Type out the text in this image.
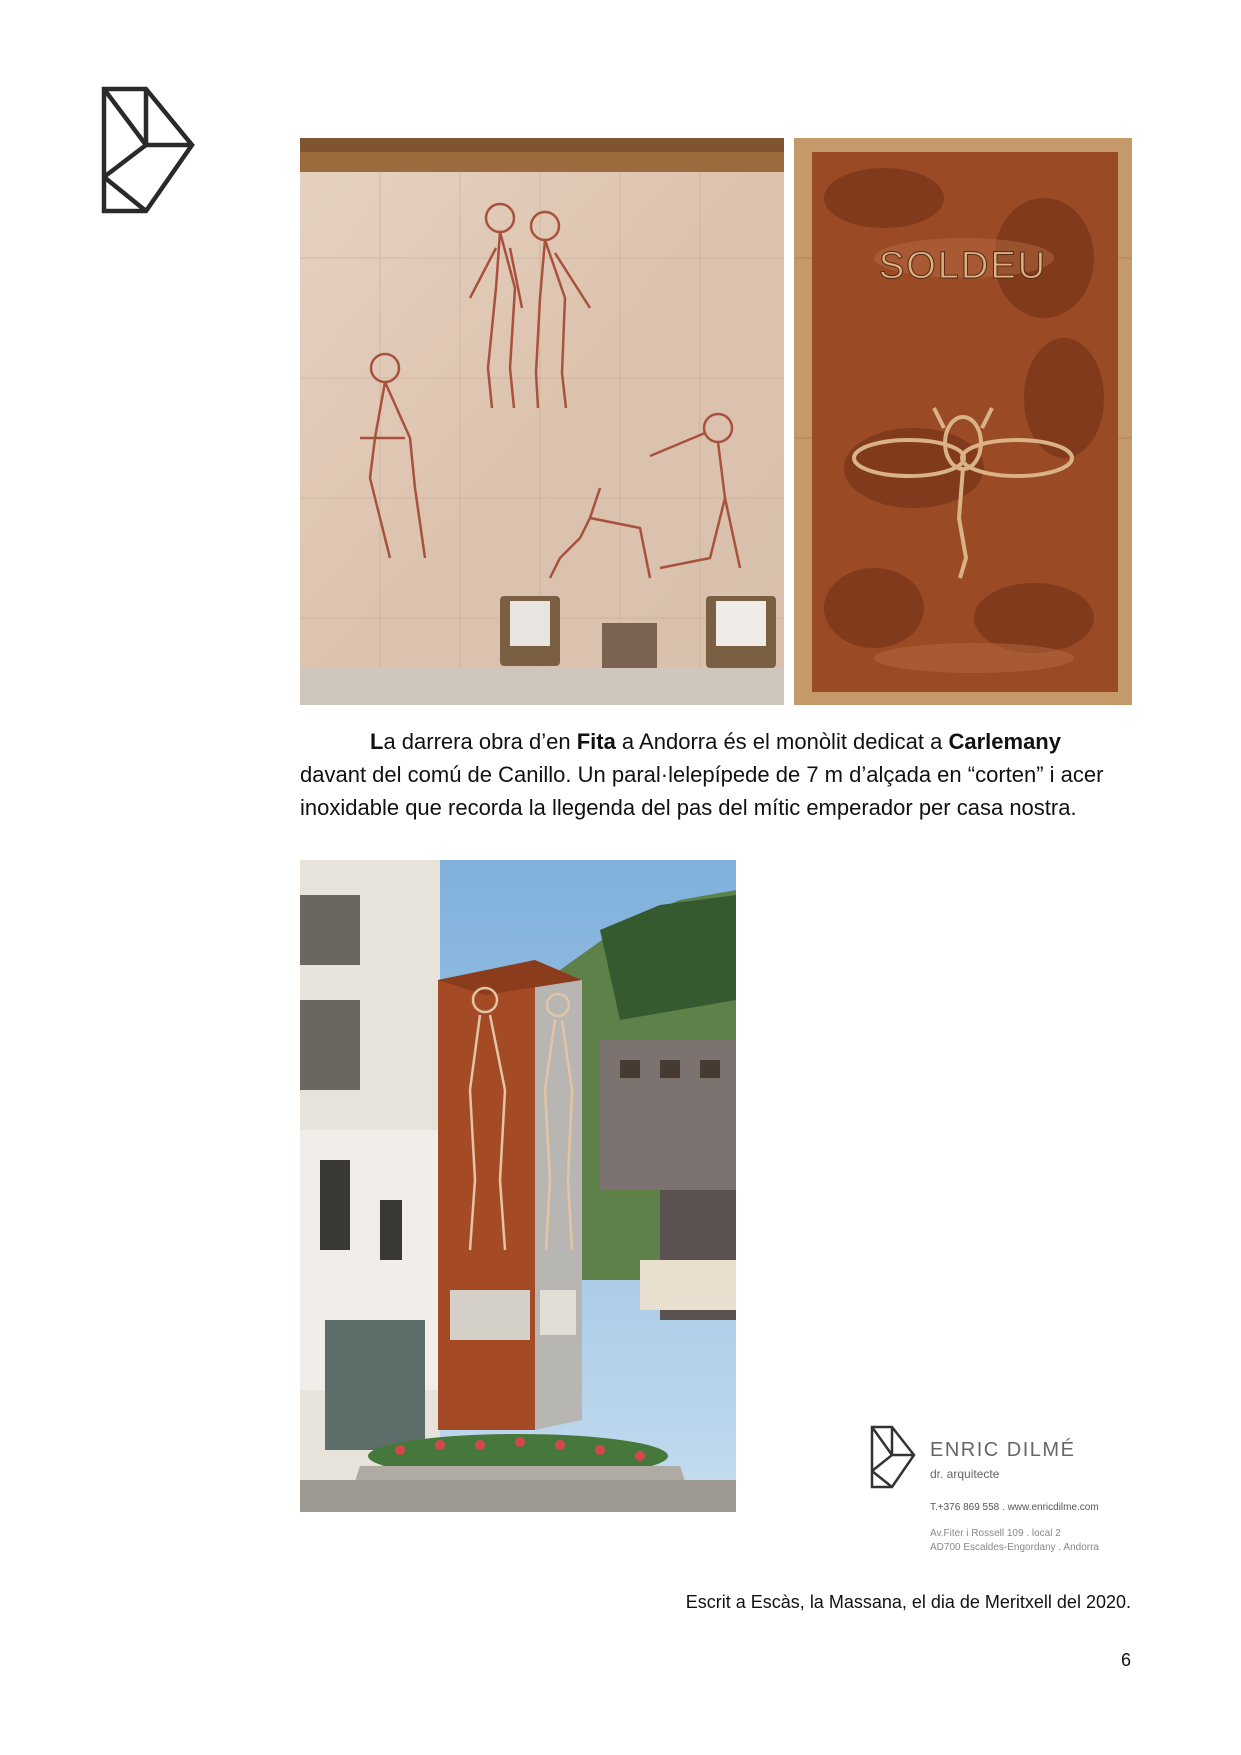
SOLDEU
La darrera obra d’en Fita a Andorra és el monòlit dedicat a Carlemany davant del comú de Canillo. Un paral·lelepípede de 7 m d’alçada en “corten” i acer inoxidable que recorda la llegenda del pas del mític emperador per casa nostra.
ENRIC DILMÉ
dr. arquitecte
T.+376 869 558 . www.enricdilme.com
Av.Fiter i Rossell 109 . local 2
AD700 Escaldes-Engordany . Andorra
Escrit a Escàs, la Massana, el dia de Meritxell del 2020.
6
